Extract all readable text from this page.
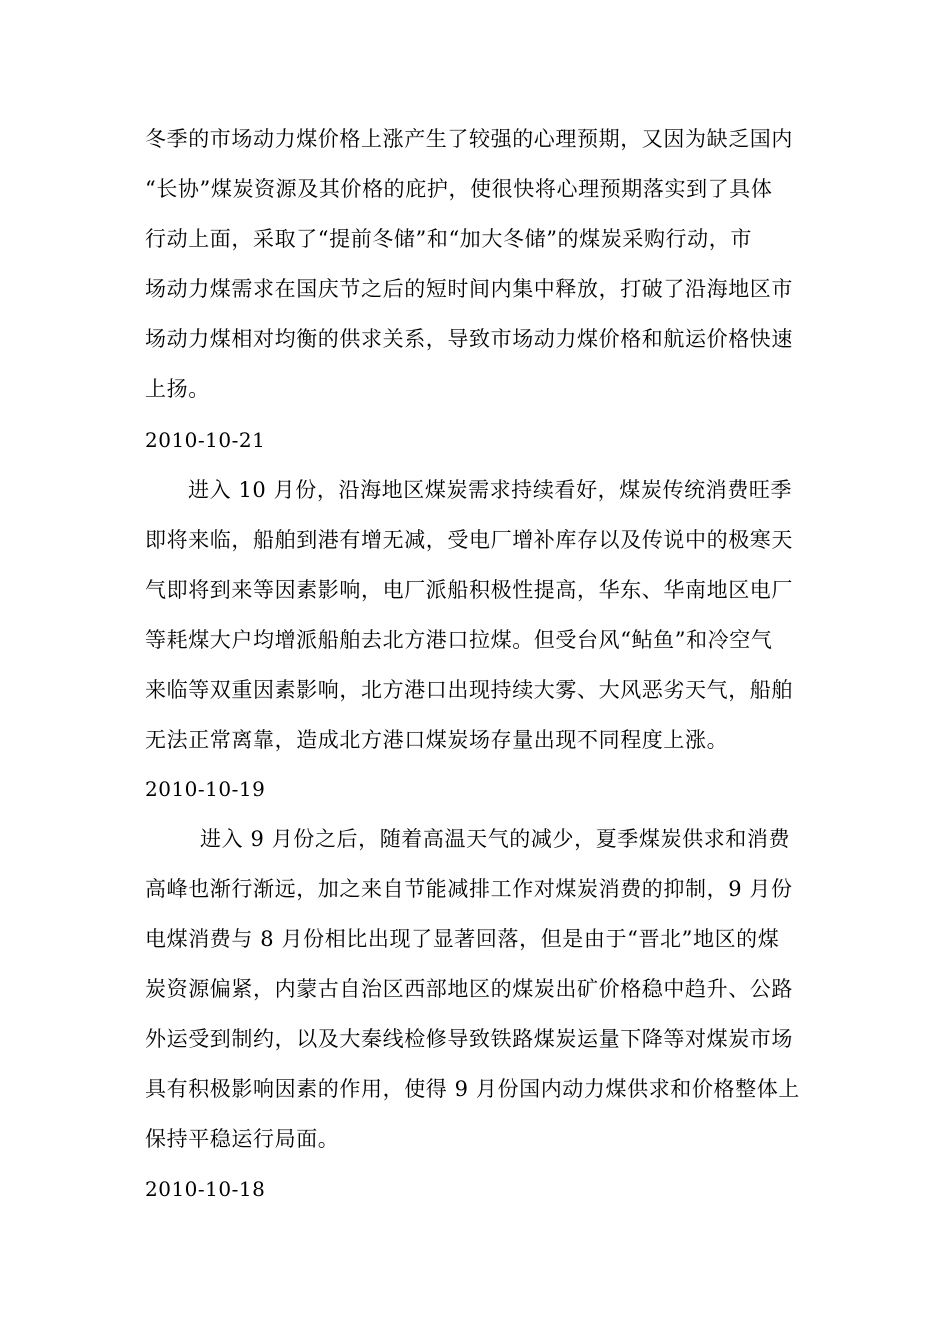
冬季的市场动力煤价格上涨产生了较强的心理预期，又因为缺乏国内
“长协”煤炭资源及其价格的庇护，使很快将心理预期落实到了具体
行动上面，采取了“提前冬储”和“加大冬储”的煤炭采购行动，市
场动力煤需求在国庆节之后的短时间内集中释放，打破了沿海地区市
场动力煤相对均衡的供求关系，导致市场动力煤价格和航运价格快速
上扬。
2010-10-21
进入 10 月份，沿海地区煤炭需求持续看好，煤炭传统消费旺季
即将来临，船舶到港有增无减，受电厂增补库存以及传说中的极寒天
气即将到来等因素影响，电厂派船积极性提高，华东、华南地区电厂
等耗煤大户均增派船舶去北方港口拉煤。但受台风“鲇鱼”和冷空气
来临等双重因素影响，北方港口出现持续大雾、大风恶劣天气，船舶
无法正常离靠，造成北方港口煤炭场存量出现不同程度上涨。
2010-10-19
进入 9 月份之后，随着高温天气的减少，夏季煤炭供求和消费
高峰也渐行渐远，加之来自节能减排工作对煤炭消费的抑制，9 月份
电煤消费与 8 月份相比出现了显著回落，但是由于“晋北”地区的煤
炭资源偏紧，内蒙古自治区西部地区的煤炭出矿价格稳中趋升、公路
外运受到制约，以及大秦线检修导致铁路煤炭运量下降等对煤炭市场
具有积极影响因素的作用，使得 9 月份国内动力煤供求和价格整体上
保持平稳运行局面。
2010-10-18
